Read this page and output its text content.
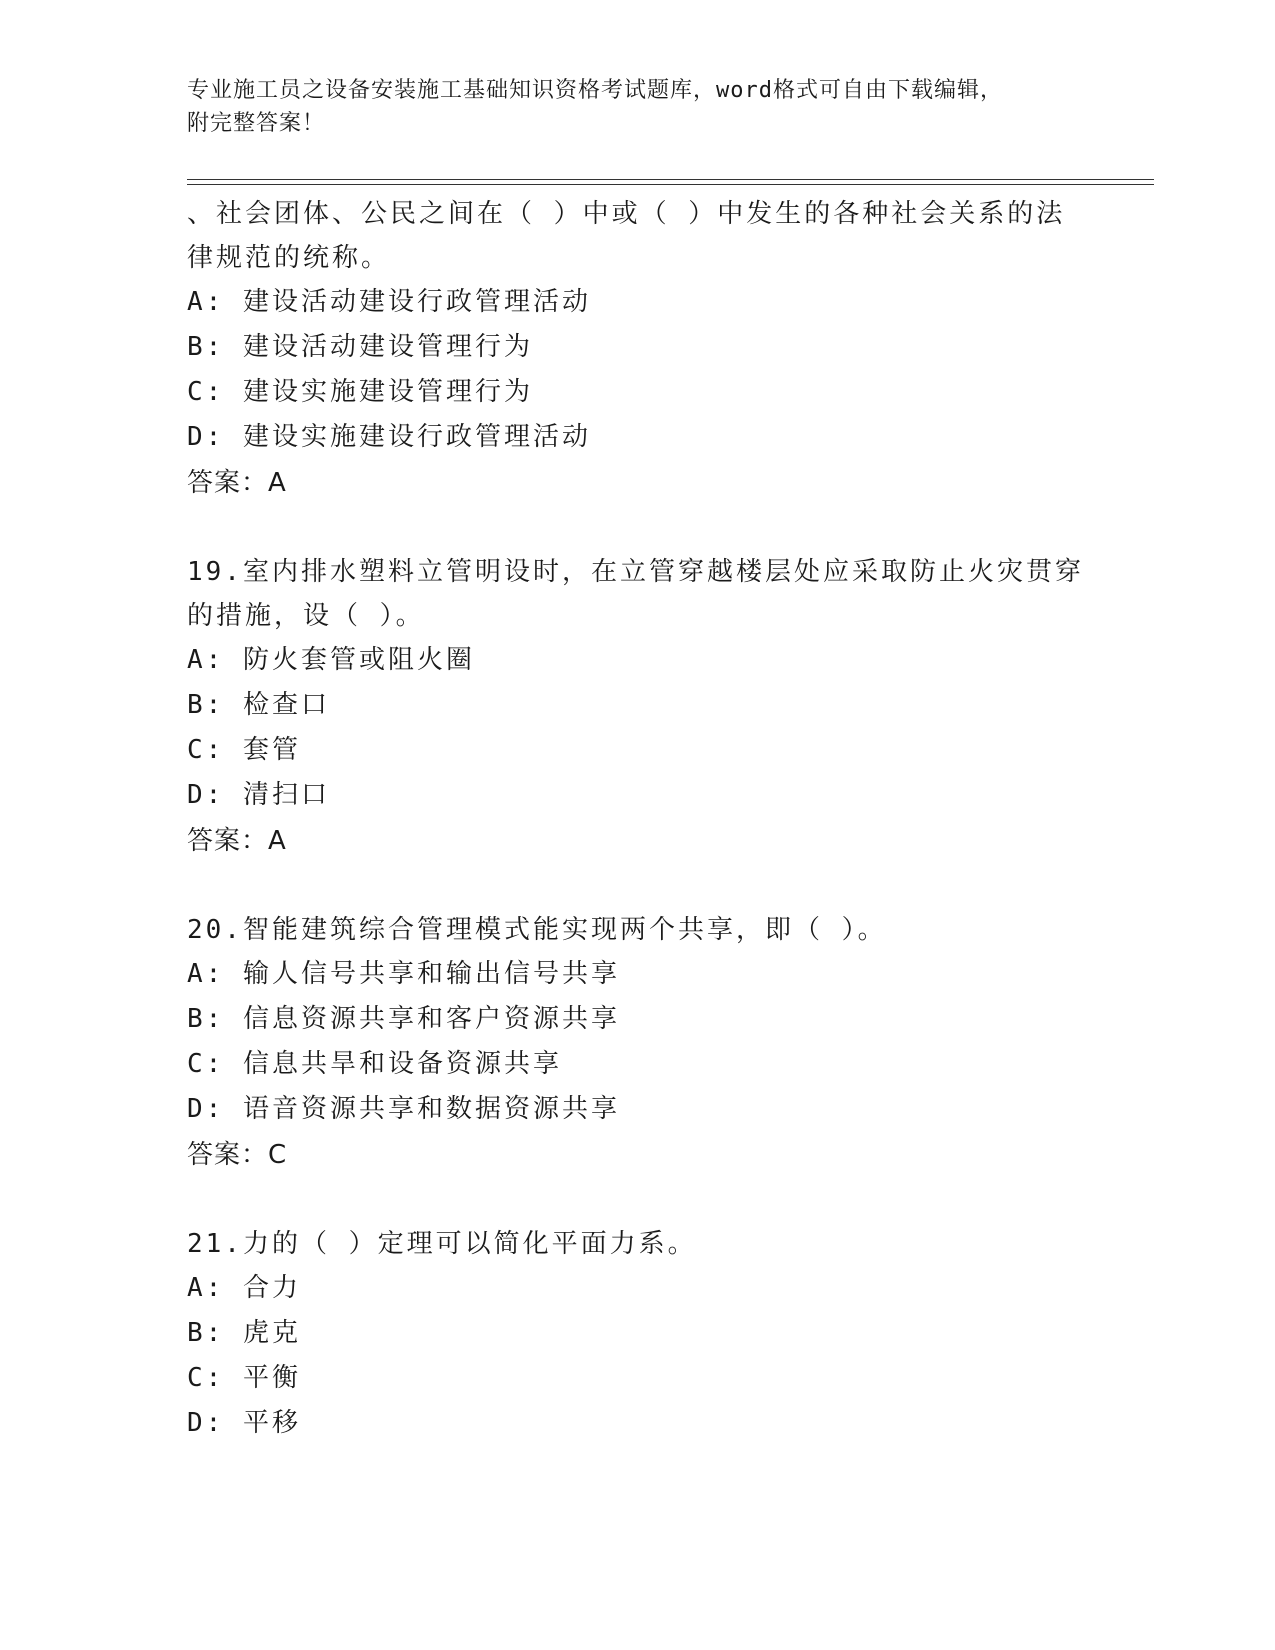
专业施工员之设备安装施工基础知识资格考试题库，word格式可自由下载编辑，
附完整答案！
、社会团体、公民之间在（ ）中或（ ）中发生的各种社会关系的法
律规范的统称。
A: 建设活动建设行政管理活动
B: 建设活动建设管理行为
C: 建设实施建设管理行为
D: 建设实施建设行政管理活动
答案：A
19.室内排水塑料立管明设时，在立管穿越楼层处应采取防止火灾贯穿
的措施，设（ ）。
A: 防火套管或阻火圈
B: 检查口
C: 套管
D: 清扫口
答案：A
20.智能建筑综合管理模式能实现两个共享，即（ ）。
A: 输人信号共享和输出信号共享
B: 信息资源共享和客户资源共享
C: 信息共旱和设备资源共享
D: 语音资源共享和数据资源共享
答案：C
21.力的（ ）定理可以简化平面力系。
A: 合力
B: 虎克
C: 平衡
D: 平移
